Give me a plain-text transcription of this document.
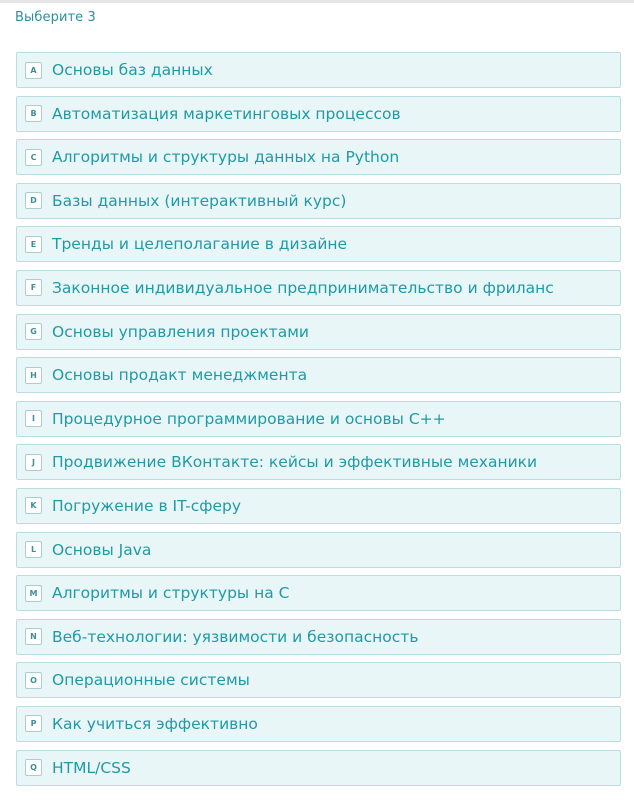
Выберите 3
A Основы баз данных
B Автоматизация маркетинговых процессов
C	Алгоритмы и структуры данных на Python
D Базы данных (интерактивный курс)
E	Тренды и целеполагание в дизайне
F	Законное индивидуальное предпринимательство и фриланс
G Основы управления проектами
H Основы продакт менеджмента
I	Процедурное программирование и основы C++
J	Продвижение ВКонтакте: кейсы и эффективные механики
K Погружение в IT-сферу
L	Основы Java
M Алгоритмы и структуры на C
N Веб-технологии: уязвимости и безопасность
O Операционные системы
P	Как учиться эффективно
Q HTML/CSS
